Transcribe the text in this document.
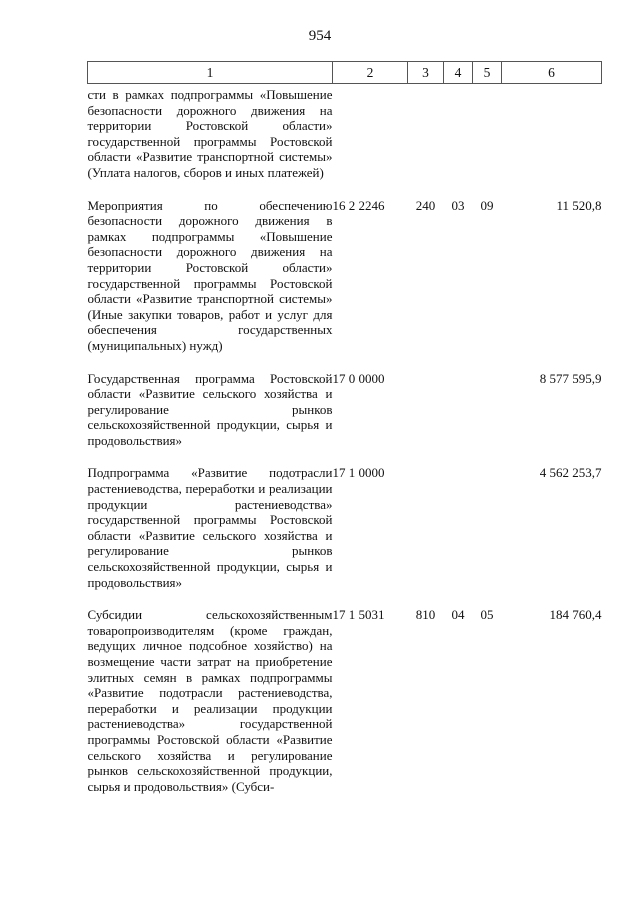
954
1	2	3	4	5	6
сти в рамках подпрограммы «Повышение безопасности дорожного движения на территории Ростовской области» государственной программы Ростовской области «Развитие транспортной системы» (Уплата налогов, сборов и иных платежей)					
Мероприятия по обеспечению безопасности дорожного движения в рамках подпрограммы «Повышение безопасности дорожного движения на территории Ростовской области» государственной программы Ростовской области «Развитие транспортной системы» (Иные закупки товаров, работ и услуг для обеспечения государственных (муниципальных) нужд)	16 2 2246	240	03	09	11 520,8
Государственная программа Ростовской области «Развитие сельского хозяйства и регулирование рынков сельскохозяйственной продукции, сырья и продовольствия»	17 0 0000				8 577 595,9
Подпрограмма «Развитие подотрасли растениеводства, переработки и реализации продукции растениеводства» государственной программы Ростовской области «Развитие сельского хозяйства и регулирование рынков сельскохозяйственной продукции, сырья и продовольствия»	17 1 0000				4 562 253,7
Субсидии сельскохозяйственным товаропроизводителям (кроме граждан, ведущих личное подсобное хозяйство) на возмещение части затрат на приобретение элитных семян в рамках подпрограммы «Развитие подотрасли растениеводства, переработки и реализации продукции растениеводства» государственной программы Ростовской области «Развитие сельского хозяйства и регулирование рынков сельскохозяйственной продукции, сырья и продовольствия» (Субси-	17 1 5031	810	04	05	184 760,4
